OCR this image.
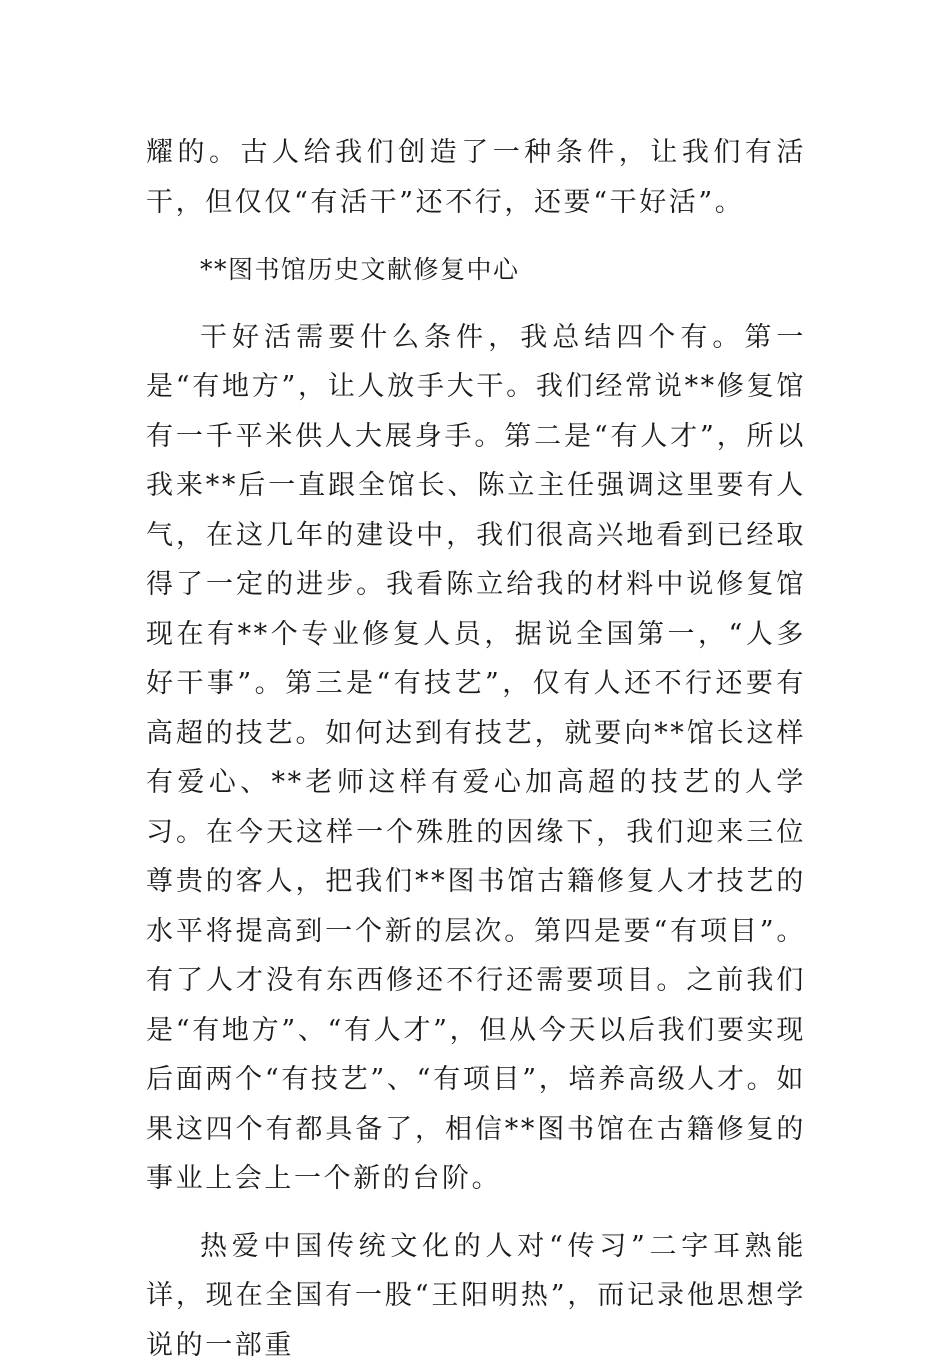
耀的。古人给我们创造了一种条件，让我们有活干，但仅仅“有活干”还不行，还要“干好活”。

**图书馆历史文献修复中心

干好活需要什么条件，我总结四个有。第一是“有地方”，让人放手大干。我们经常说**修复馆有一千平米供人大展身手。第二是“有人才”，所以我来**后一直跟全馆长、陈立主任强调这里要有人气，在这几年的建设中，我们很高兴地看到已经取得了一定的进步。我看陈立给我的材料中说修复馆现在有**个专业修复人员，据说全国第一，“人多好干事”。第三是“有技艺”，仅有人还不行还要有高超的技艺。如何达到有技艺，就要向**馆长这样有爱心、**老师这样有爱心加高超的技艺的人学习。在今天这样一个殊胜的因缘下，我们迎来三位尊贵的客人，把我们**图书馆古籍修复人才技艺的水平将提高到一个新的层次。第四是要“有项目”。有了人才没有东西修还不行还需要项目。之前我们是“有地方”、“有人才”，但从今天以后我们要实现后面两个“有技艺”、“有项目”，培养高级人才。如果这四个有都具备了，相信**图书馆在古籍修复的事业上会上一个新的台阶。

热爱中国传统文化的人对“传习”二字耳熟能详，现在全国有一股“王阳明热”，而记录他思想学说的一部重
